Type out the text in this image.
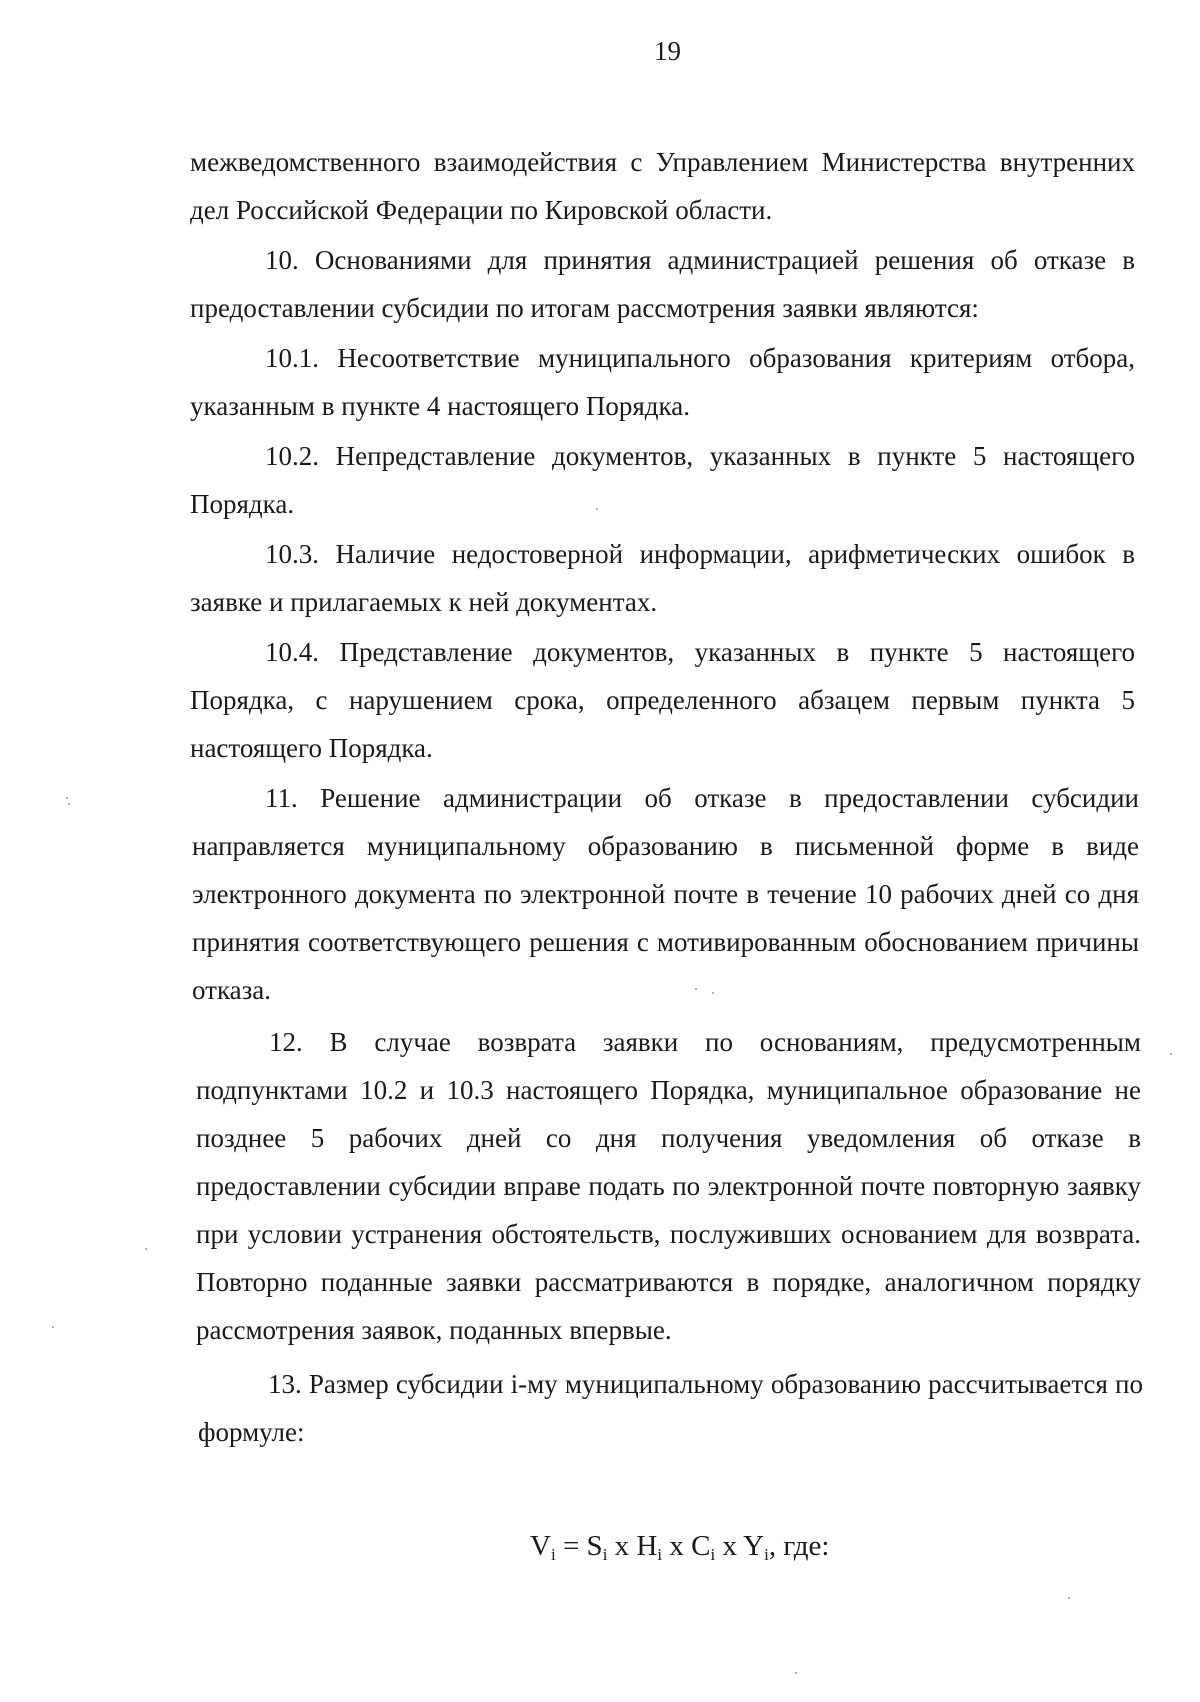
19

межведомственного взаимодействия с Управлением Министерства внутренних дел Российской Федерации по Кировской области.

10. Основаниями для принятия администрацией решения об отказе в предоставлении субсидии по итогам рассмотрения заявки являются:

10.1. Несоответствие муниципального образования критериям отбора, указанным в пункте 4 настоящего Порядка.

10.2. Непредставление документов, указанных в пункте 5 настоящего Порядка.

10.3. Наличие недостоверной информации, арифметических ошибок в заявке и прилагаемых к ней документах.

10.4. Представление документов, указанных в пункте 5 настоящего Порядка, с нарушением срока, определенного абзацем первым пункта 5 настоящего Порядка.

11. Решение администрации об отказе в предоставлении субсидии направляется муниципальному образованию в письменной форме в виде электронного документа по электронной почте в течение 10 рабочих дней со дня принятия соответствующего решения с мотивированным обоснованием причины отказа.

12. В случае возврата заявки по основаниям, предусмотренным подпунктами 10.2 и 10.3 настоящего Порядка, муниципальное образование не позднее 5 рабочих дней со дня получения уведомления об отказе в предоставлении субсидии вправе подать по электронной почте повторную заявку при условии устранения обстоятельств, послуживших основанием для возврата. Повторно поданные заявки рассматриваются в порядке, аналогичном порядку рассмотрения заявок, поданных впервые.

13. Размер субсидии i-му муниципальному образованию рассчитывается по формуле:

$V_i = S_i$ x $H_i$ x $C_i$ x $Y_i$, где:
